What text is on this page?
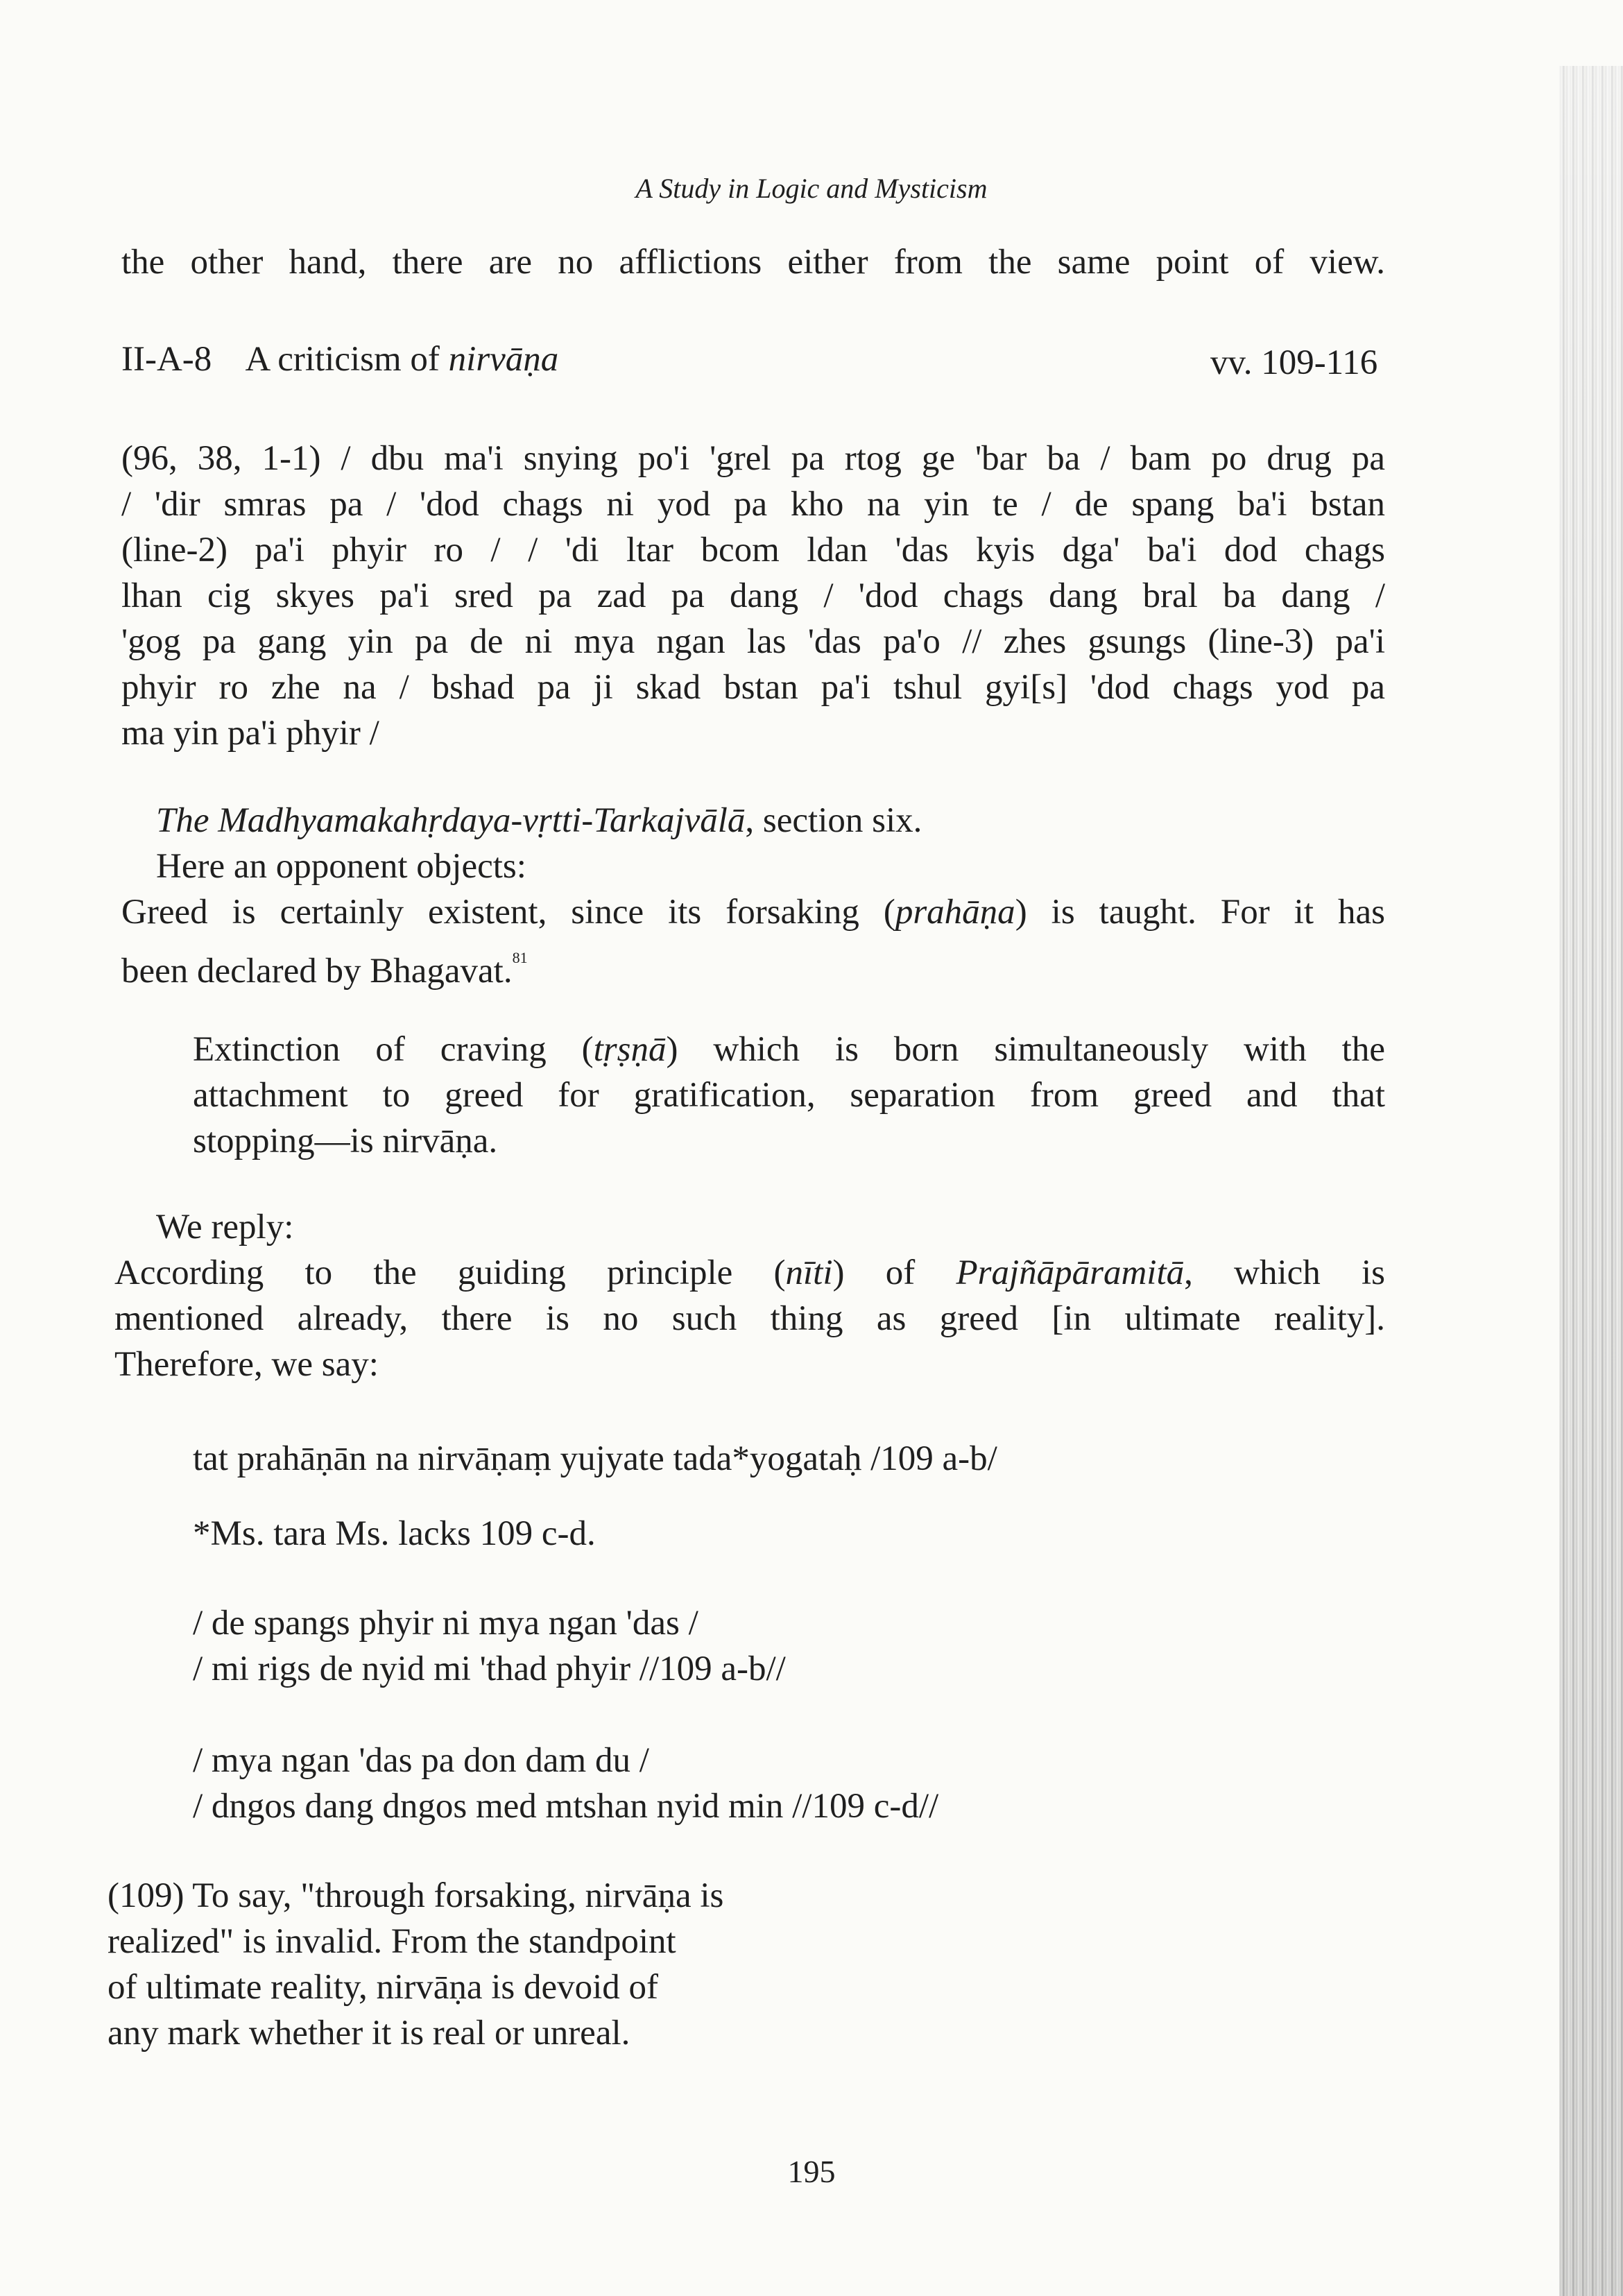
A Study in Logic and Mysticism
the other hand, there are no afflictions either from the same point of view.
II-A-8 A criticism of nirvāṇa	vv. 109-116
(96, 38, 1-1) / dbu ma'i snying po'i 'grel pa rtog ge 'bar ba / bam po drug pa
/ 'dir smras pa / 'dod chags ni yod pa kho na yin te / de spang ba'i bstan
(line-2) pa'i phyir ro / / 'di ltar bcom ldan 'das kyis dga' ba'i dod chags
lhan cig skyes pa'i sred pa zad pa dang / 'dod chags dang bral ba dang /
'gog pa gang yin pa de ni mya ngan las 'das pa'o // zhes gsungs (line-3) pa'i
phyir ro zhe na / bshad pa ji skad bstan pa'i tshul gyi[s] 'dod chags yod pa
ma yin pa'i phyir /
The Madhyamakahṛdaya-vṛtti-Tarkajvālā, section six.
Here an opponent objects:
Greed is certainly existent, since its forsaking (prahāṇa) is taught. For it has
been declared by Bhagavat.$^{81}$
Extinction of craving (tṛṣṇā) which is born simultaneously with the
attachment to greed for gratification, separation from greed and that
stopping—is nirvāṇa.
We reply:
According to the guiding principle (nīti) of Prajñāpāramitā, which is
mentioned already, there is no such thing as greed [in ultimate reality].
Therefore, we say:
tat prahāṇān na nirvāṇaṃ yujyate tada*yogataḥ /109 a-b/
*Ms. tara Ms. lacks 109 c-d.
/ de spangs phyir ni mya ngan 'das /
/ mi rigs de nyid mi 'thad phyir //109 a-b//
/ mya ngan 'das pa don dam du /
/ dngos dang dngos med mtshan nyid min //109 c-d//
(109) To say, "through forsaking, nirvāṇa is
realized" is invalid. From the standpoint
of ultimate reality, nirvāṇa is devoid of
any mark whether it is real or unreal.
195
